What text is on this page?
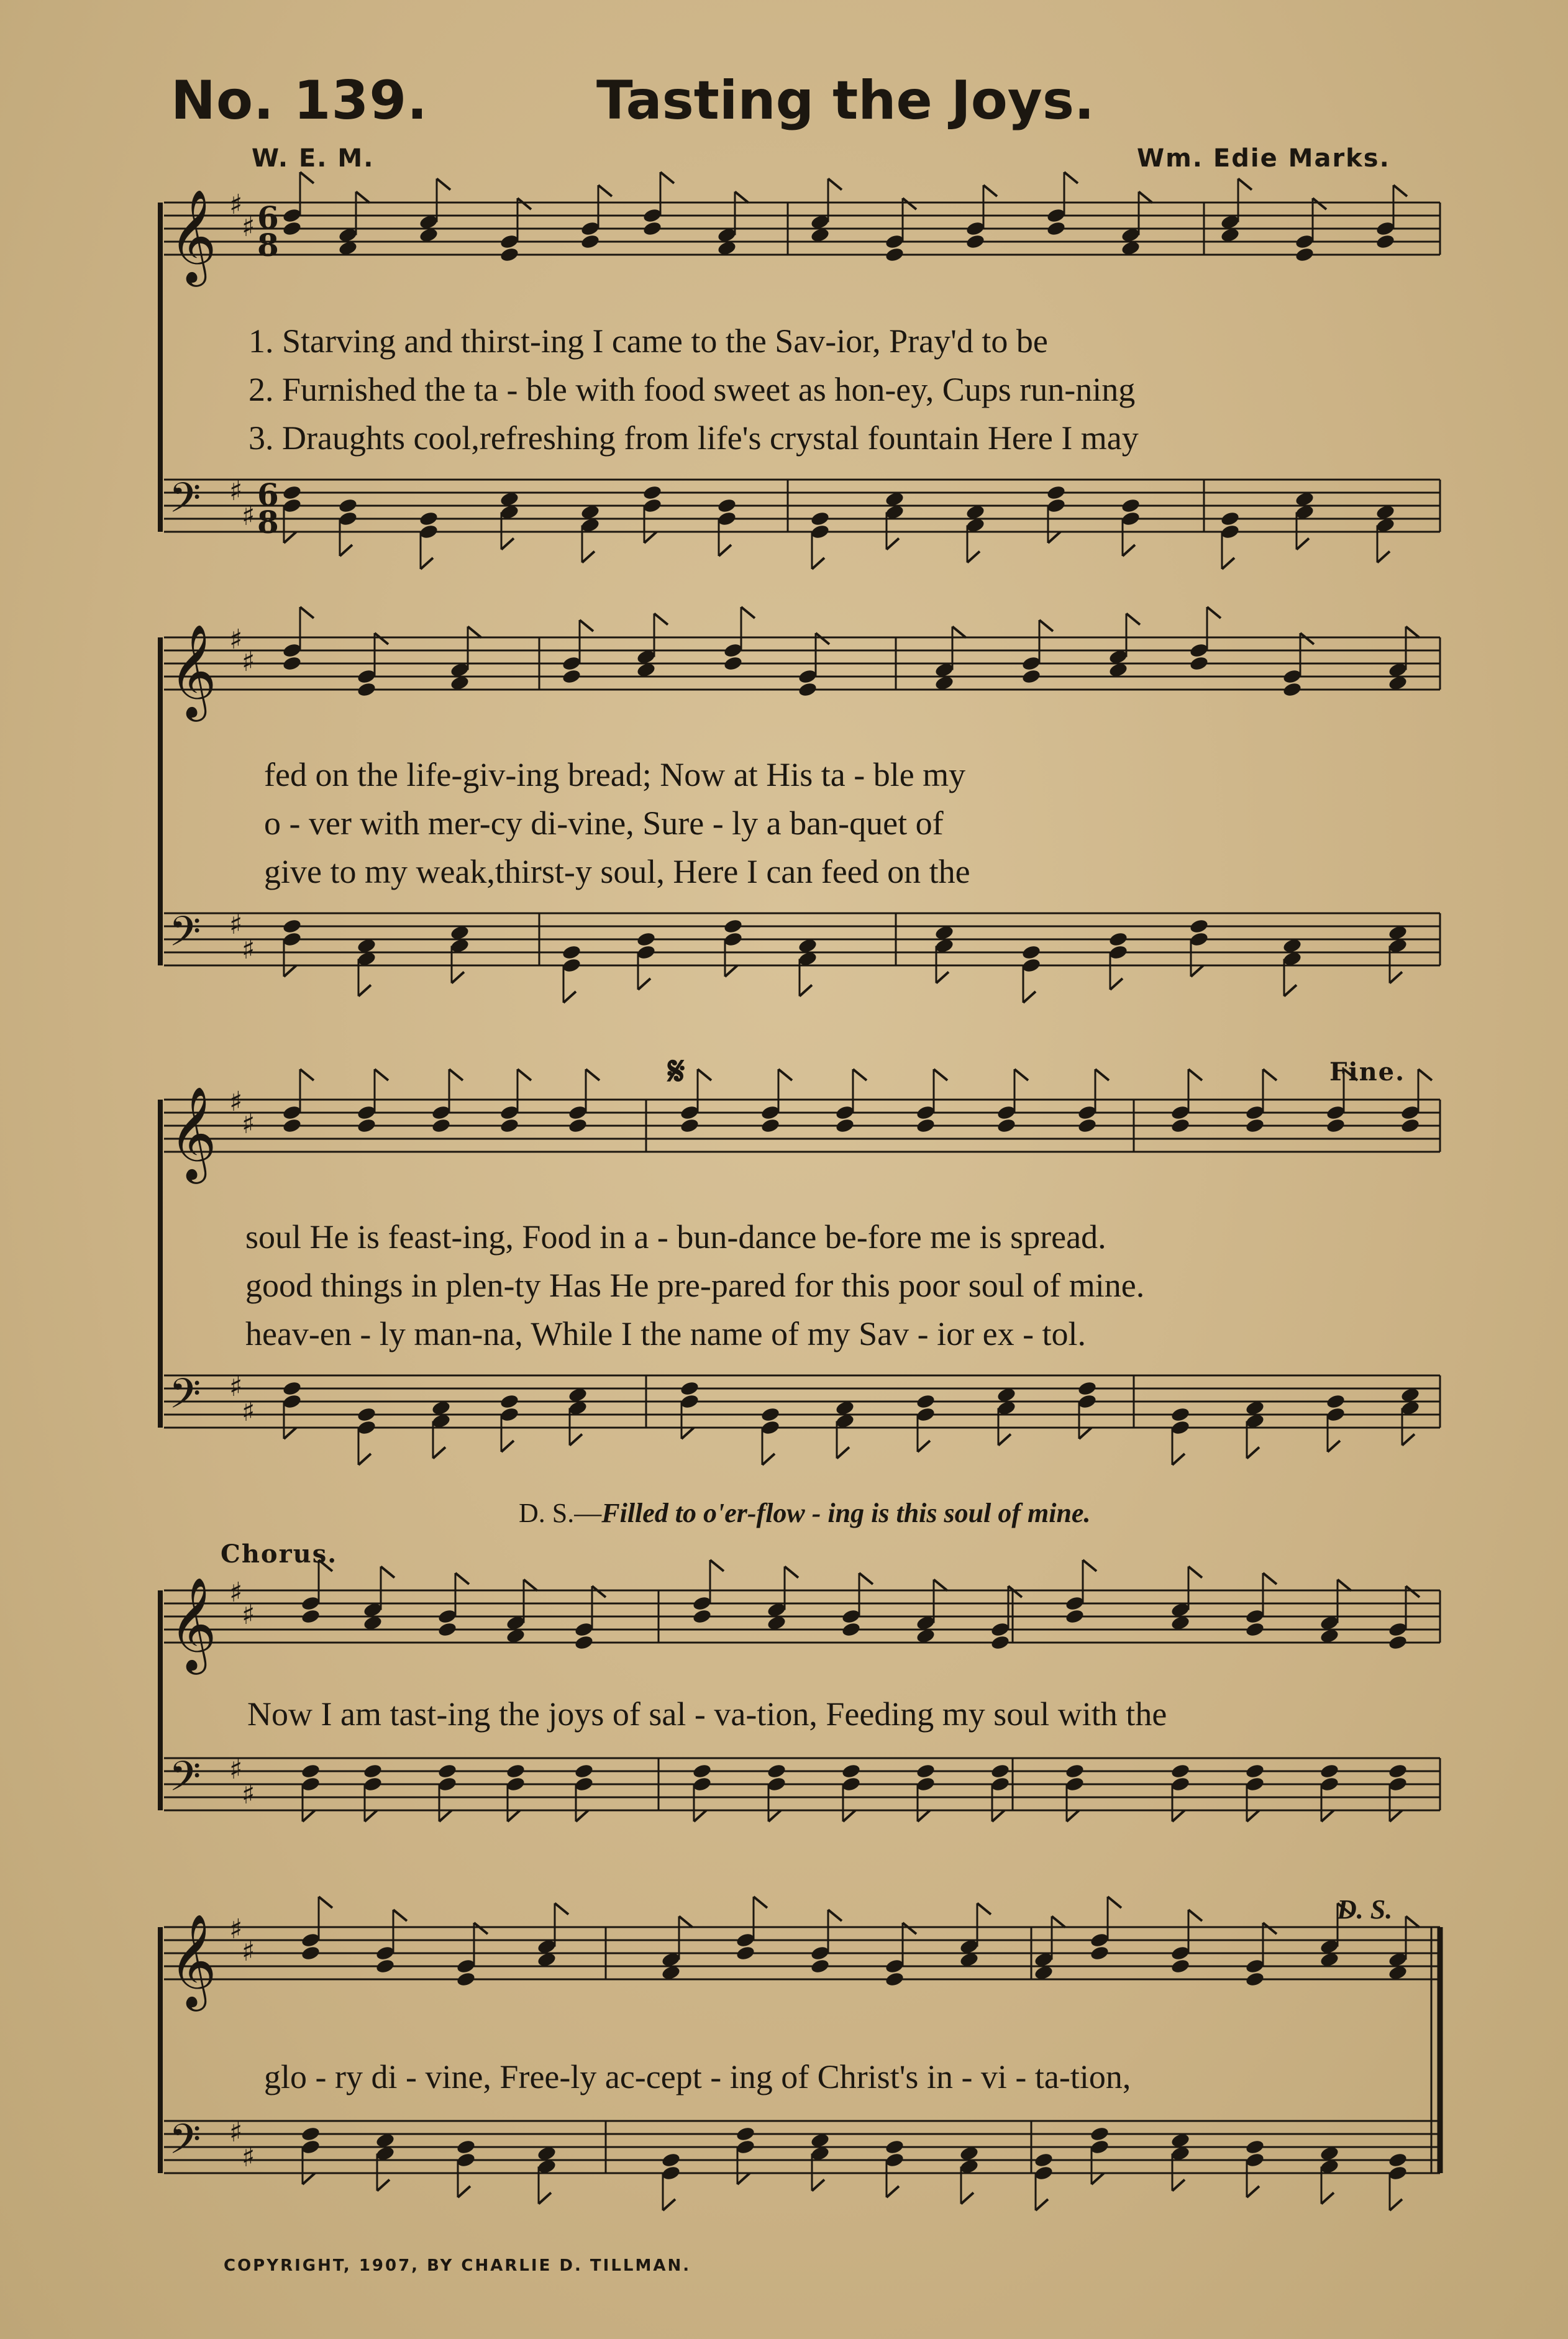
No. 139.	Tasting the Joys.
W. E. M.	Wm. Edie Marks.
𝄞 ♯
♯ 6
8
𝄢 ♯
♯
6
8
𝄞 ♯
♯
𝄢 ♯
♯
𝄞 ♯
♯
𝄢 ♯
♯
𝄞 ♯
♯
𝄢 ♯
♯
𝄞 ♯
♯
𝄢 ♯
♯
1. Starving and thirst-ing I came to the Sav-ior, Pray'd to be
2. Furnished the ta - ble with food sweet as hon-ey, Cups run-ning
3. Draughts cool,refreshing from life's crystal fountain Here I may
fed on the life-giv-ing bread; Now at His ta - ble my
o - ver with mer-cy di-vine, Sure - ly a ban-quet of
give to my weak,thirst-y soul, Here I can feed on the
𝄋	Fine.
soul He is feast-ing, Food in a - bun-dance be-fore me is spread.
good things in plen-ty Has He pre-pared for this poor soul of mine.
heav-en - ly man-na, While I the name of my Sav - ior ex - tol.
D. S.—Filled to o'er-flow - ing is this soul of mine.
Chorus.
Now I am tast-ing the joys of sal - va-tion, Feeding my soul with the
D. S.
glo - ry di - vine, Free-ly ac-cept - ing of Christ's in - vi - ta-tion,
COPYRIGHT, 1907, BY CHARLIE D. TILLMAN.
